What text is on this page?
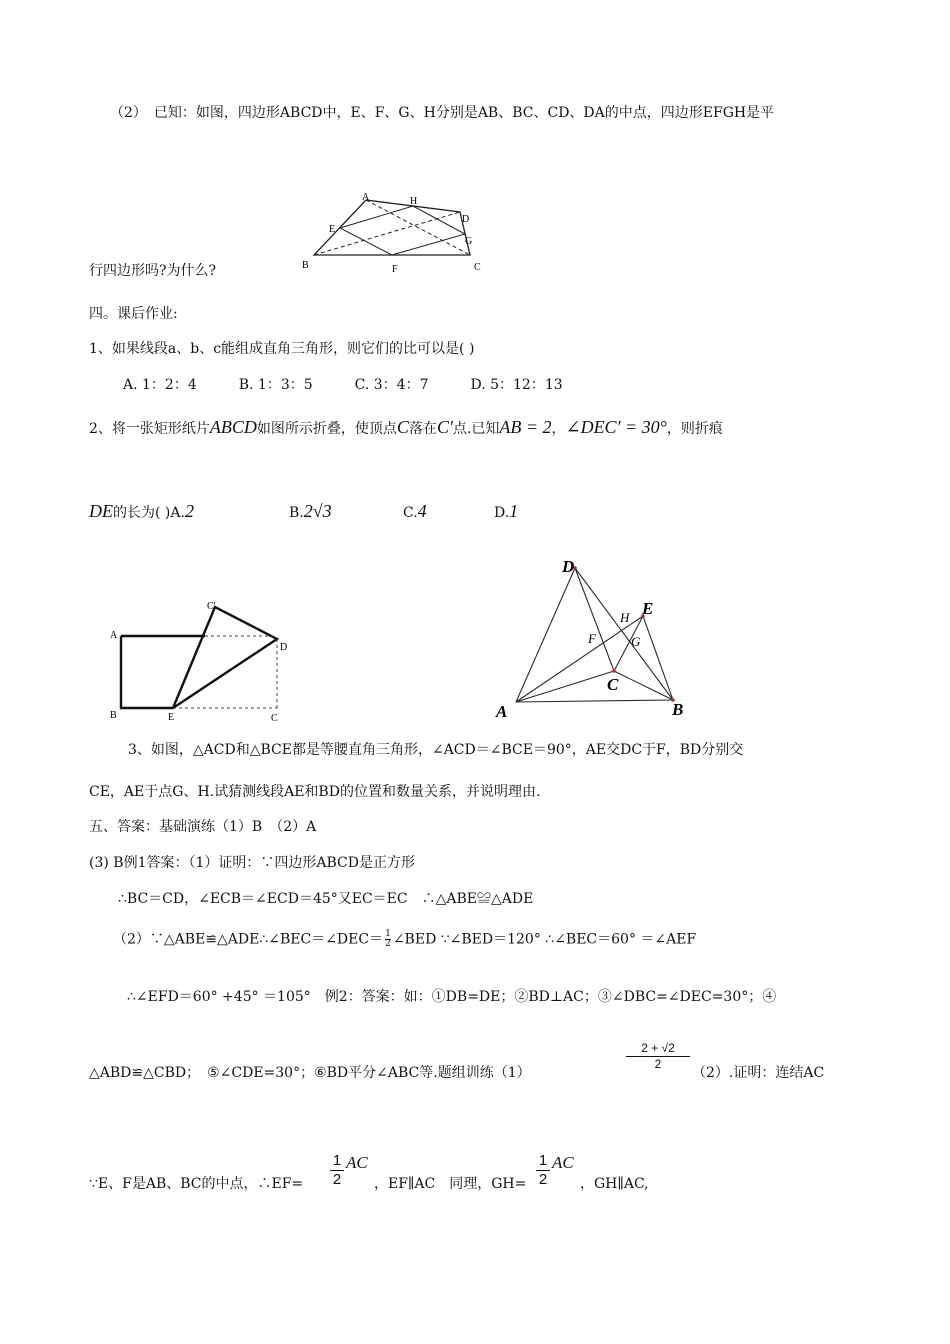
（2）　已知：如图，四边形ABCD中，E、F、G、H分别是AB、BC、CD、DA的中点，四边形EFGH是平
A	H
D
E
G
B	F	C
行四边形吗?为什么?
四。课后作业:
1、如果线段a、b、c能组成直角三角形，则它们的比可以是( )
A. 1：2：4　　　B. 1：3：5　　　C. 3：4：7　　　D. 5：12：13
2、将一张矩形纸片ABCD如图所示折叠，使顶点C落在C′点.已知AB = 2，∠DEC′ = 30°，则折痕
DE的长为( )A.2	B.2√3	C.4	D.1
A
B	E	C
C′
D
D
E
C
A	B
F
H
G
3、如图，△ACD和△BCE都是等腰直角三角形，∠ACD＝∠BCE＝90°，AE交DC于F，BD分别交
CE，AE于点G、H.试猜测线段AE和BD的位置和数量关系，并说明理由.
五、答案：基础演练（1）B　（2）A
(3) B例1答案：（1）证明：∵四边形ABCD是正方形
∴BC＝CD，∠ECB＝∠ECD＝45°又EC＝EC　∴△ABE≌△ADE
（2）∵△ABE≌△ADE∴∠BEC＝∠DEC＝ $\frac{1}{2}$ ∠BED ∵∠BED＝120° ∴∠BEC＝60° ＝∠AEF
∴∠EFD＝60° +45° ＝105°　例2：答案：如：①DB=DE；②BD⊥AC；③∠DBC=∠DEC=30°；④
△ABD≌△CBD；　⑤∠CDE=30°；⑥BD平分∠ABC等.题组训练（1）
2 + √2
2
（2）.证明：连结AC
∵E、F是AB、BC的中点，∴EF=
1
2
AC
，EF∥AC　同理，GH=
1
2
AC
，GH∥AC,
